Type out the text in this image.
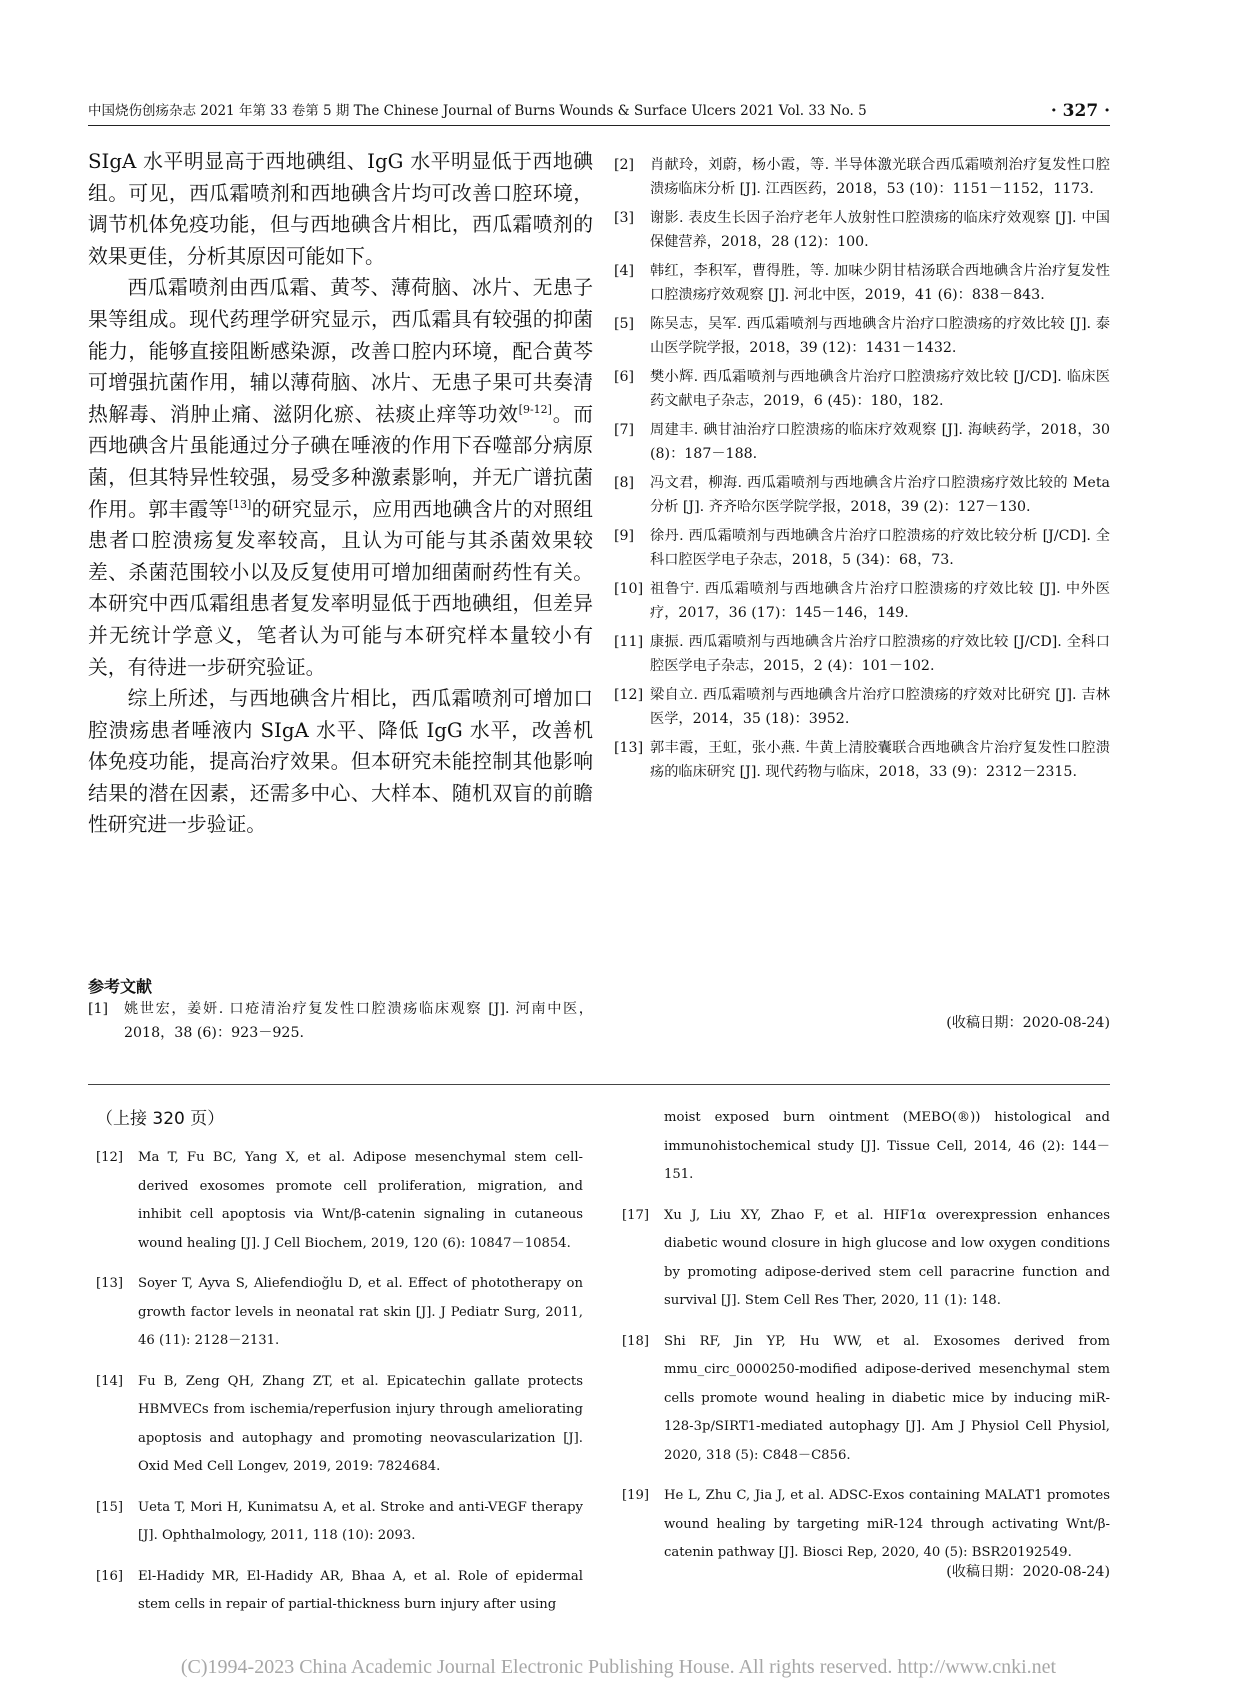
中国烧伤创疡杂志 2021 年第 33 卷第 5 期 The Chinese Journal of Burns Wounds & Surface Ulcers 2021 Vol. 33 No. 5	· 327 ·

SIgA 水平明显高于西地碘组、IgG 水平明显低于西地碘组。可见，西瓜霜喷剂和西地碘含片均可改善口腔环境，调节机体免疫功能，但与西地碘含片相比，西瓜霜喷剂的效果更佳，分析其原因可能如下。

西瓜霜喷剂由西瓜霜、黄芩、薄荷脑、冰片、无患子果等组成。现代药理学研究显示，西瓜霜具有较强的抑菌能力，能够直接阻断感染源，改善口腔内环境，配合黄芩可增强抗菌作用，辅以薄荷脑、冰片、无患子果可共奏清热解毒、消肿止痛、滋阴化瘀、祛痰止痒等功效[9-12]。而西地碘含片虽能通过分子碘在唾液的作用下吞噬部分病原菌，但其特异性较强，易受多种激素影响，并无广谱抗菌作用。郭丰霞等[13]的研究显示，应用西地碘含片的对照组患者口腔溃疡复发率较高，且认为可能与其杀菌效果较差、杀菌范围较小以及反复使用可增加细菌耐药性有关。本研究中西瓜霜组患者复发率明显低于西地碘组，但差异并无统计学意义，笔者认为可能与本研究样本量较小有关，有待进一步研究验证。

综上所述，与西地碘含片相比，西瓜霜喷剂可增加口腔溃疡患者唾液内 SIgA 水平、降低 IgG 水平，改善机体免疫功能，提高治疗效果。但本研究未能控制其他影响结果的潜在因素，还需多中心、大样本、随机双盲的前瞻性研究进一步验证。

参考文献
[1]	姚世宏，姜妍. 口疮清治疗复发性口腔溃疡临床观察 [J]. 河南中医，2018，38 (6)：923－925.
[2]	肖献玲，刘蔚，杨小霞，等. 半导体激光联合西瓜霜喷剂治疗复发性口腔溃疡临床分析 [J]. 江西医药，2018，53 (10)：1151－1152，1173.
[3]	谢影. 表皮生长因子治疗老年人放射性口腔溃疡的临床疗效观察 [J]. 中国保健营养，2018，28 (12)：100.
[4]	韩红，李积军，曹得胜，等. 加味少阴甘桔汤联合西地碘含片治疗复发性口腔溃疡疗效观察 [J]. 河北中医，2019，41 (6)：838－843.
[5]	陈吴志，吴军. 西瓜霜喷剂与西地碘含片治疗口腔溃疡的疗效比较 [J]. 泰山医学院学报，2018，39 (12)：1431－1432.
[6]	樊小辉. 西瓜霜喷剂与西地碘含片治疗口腔溃疡疗效比较 [J/CD]. 临床医药文献电子杂志，2019，6 (45)：180，182.
[7]	周建丰. 碘甘油治疗口腔溃疡的临床疗效观察 [J]. 海峡药学，2018，30 (8)：187－188.
[8]	冯文君，柳海. 西瓜霜喷剂与西地碘含片治疗口腔溃疡疗效比较的 Meta 分析 [J]. 齐齐哈尔医学院学报，2018，39 (2)：127－130.
[9]	徐丹. 西瓜霜喷剂与西地碘含片治疗口腔溃疡的疗效比较分析 [J/CD]. 全科口腔医学电子杂志，2018，5 (34)：68，73.
[10] 祖鲁宁. 西瓜霜喷剂与西地碘含片治疗口腔溃疡的疗效比较 [J]. 中外医疗，2017，36 (17)：145－146，149.
[11] 康振. 西瓜霜喷剂与西地碘含片治疗口腔溃疡的疗效比较 [J/CD]. 全科口腔医学电子杂志，2015，2 (4)：101－102.
[12] 梁自立. 西瓜霜喷剂与西地碘含片治疗口腔溃疡的疗效对比研究 [J]. 吉林医学，2014，35 (18)：3952.
[13] 郭丰霞，王虹，张小燕. 牛黄上清胶囊联合西地碘含片治疗复发性口腔溃疡的临床研究 [J]. 现代药物与临床，2018，33 (9)：2312－2315.
(收稿日期：2020-08-24)
（上接 320 页）
[12]	Ma T, Fu BC, Yang X, et al. Adipose mesenchymal stem cell-derived exosomes promote cell proliferation, migration, and inhibit cell apoptosis via Wnt/β-catenin signaling in cutaneous wound healing [J]. J Cell Biochem, 2019, 120 (6): 10847－10854.
[13]	Soyer T, Ayva S, Aliefendioğlu D, et al. Effect of phototherapy on growth factor levels in neonatal rat skin [J]. J Pediatr Surg, 2011, 46 (11): 2128－2131.
[14]	Fu B, Zeng QH, Zhang ZT, et al. Epicatechin gallate protects HBMVECs from ischemia/reperfusion injury through ameliorating apoptosis and autophagy and promoting neovascularization [J]. Oxid Med Cell Longev, 2019, 2019: 7824684.
[15]	Ueta T, Mori H, Kunimatsu A, et al. Stroke and anti-VEGF therapy [J]. Ophthalmology, 2011, 118 (10): 2093.
[16]	El-Hadidy MR, El-Hadidy AR, Bhaa A, et al. Role of epidermal stem cells in repair of partial-thickness burn injury after using
moist exposed burn ointment (MEBO(®)) histological and immunohistochemical study [J]. Tissue Cell, 2014, 46 (2): 144－151.
[17]	Xu J, Liu XY, Zhao F, et al. HIF1α overexpression enhances diabetic wound closure in high glucose and low oxygen conditions by promoting adipose-derived stem cell paracrine function and survival [J]. Stem Cell Res Ther, 2020, 11 (1): 148.
[18]	Shi RF, Jin YP, Hu WW, et al. Exosomes derived from mmu_circ_0000250-modified adipose-derived mesenchymal stem cells promote wound healing in diabetic mice by inducing miR-128-3p/SIRT1-mediated autophagy [J]. Am J Physiol Cell Physiol, 2020, 318 (5): C848－C856.
[19]	He L, Zhu C, Jia J, et al. ADSC-Exos containing MALAT1 promotes wound healing by targeting miR-124 through activating Wnt/β-catenin pathway [J]. Biosci Rep, 2020, 40 (5): BSR20192549.
(收稿日期：2020-08-24)
(C)1994-2023 China Academic Journal Electronic Publishing House. All rights reserved. http://www.cnki.net
